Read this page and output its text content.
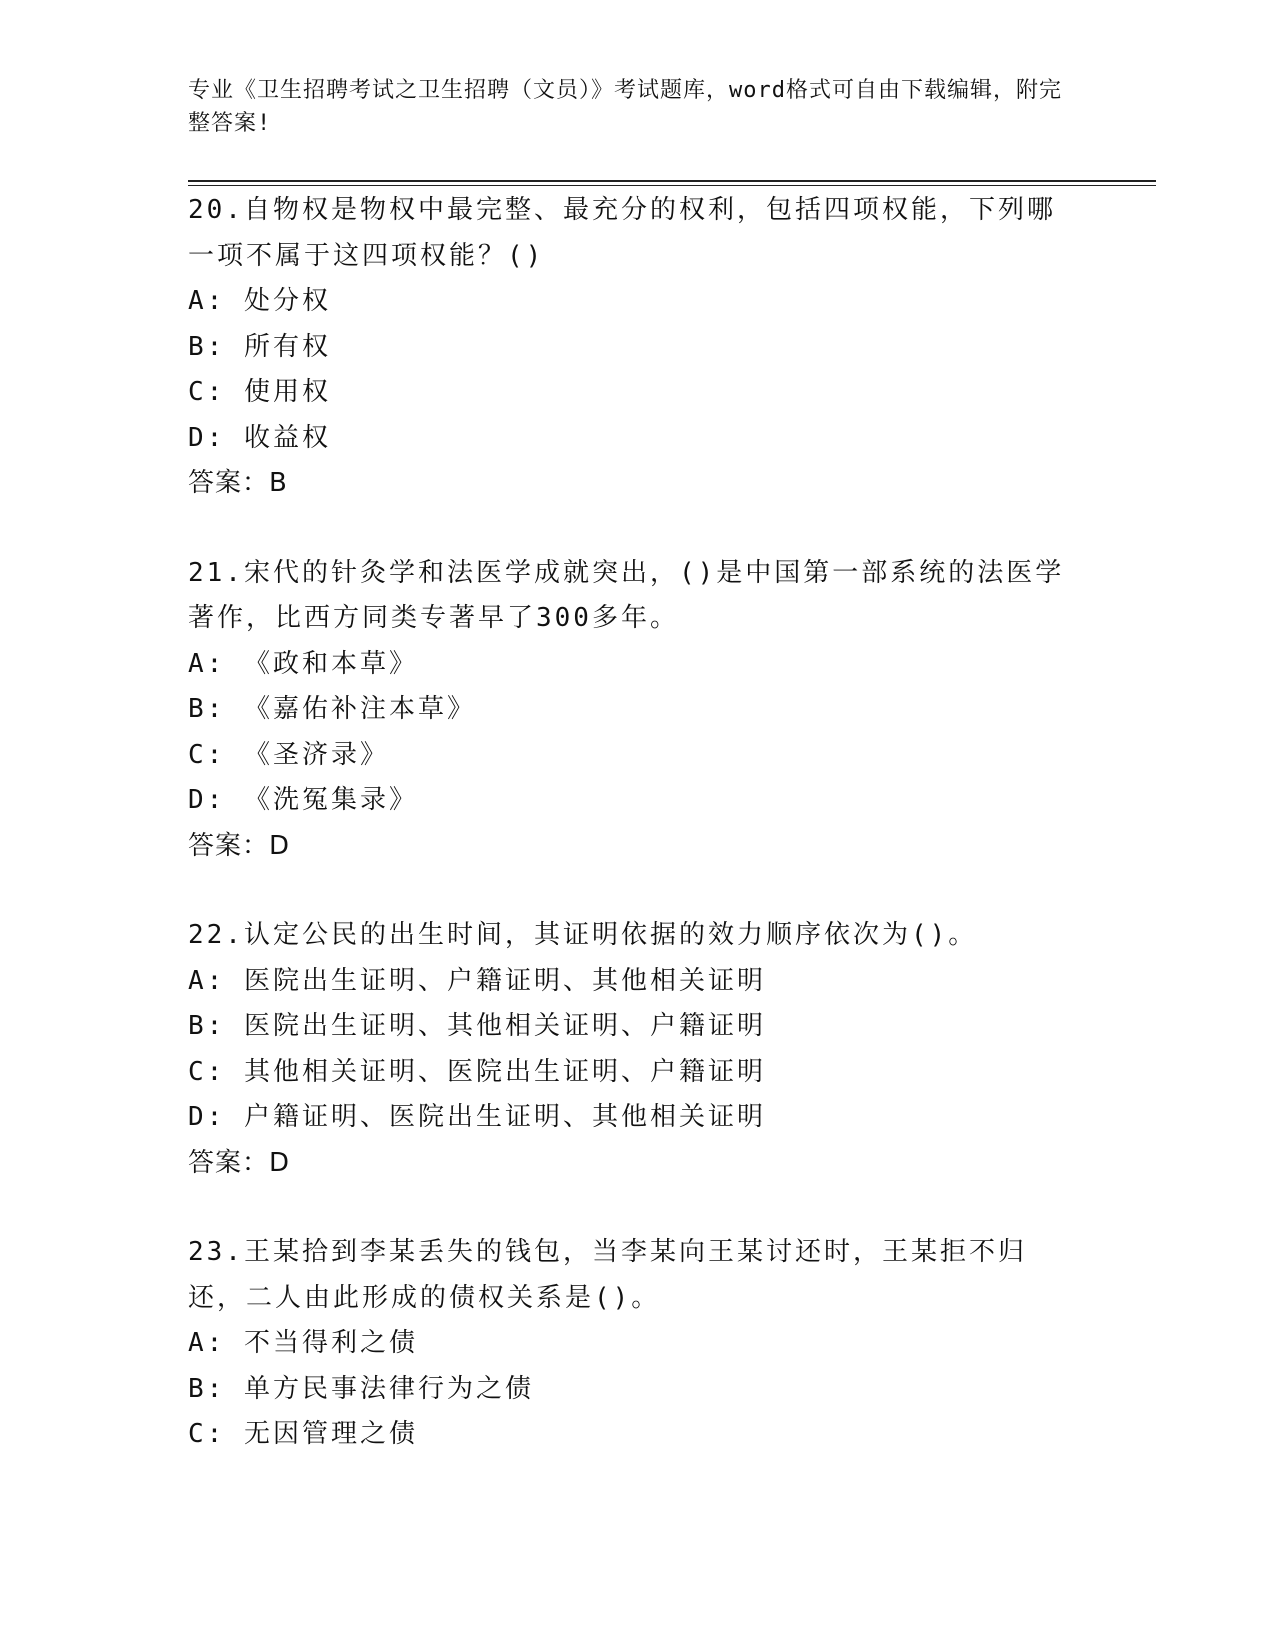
专业《卫生招聘考试之卫生招聘（文员）》考试题库，word格式可自由下载编辑，附完整答案!

20.自物权是物权中最完整、最充分的权利，包括四项权能，下列哪一项不属于这四项权能？()

A: 处分权

B: 所有权

C: 使用权

D: 收益权

答案：B

21.宋代的针灸学和法医学成就突出，()是中国第一部系统的法医学著作，比西方同类专著早了300多年。

A: 《政和本草》

B: 《嘉佑补注本草》

C: 《圣济录》

D: 《洗冤集录》

答案：D

22.认定公民的出生时间，其证明依据的效力顺序依次为()。

A: 医院出生证明、户籍证明、其他相关证明

B: 医院出生证明、其他相关证明、户籍证明

C: 其他相关证明、医院出生证明、户籍证明

D: 户籍证明、医院出生证明、其他相关证明

答案：D

23.王某拾到李某丢失的钱包，当李某向王某讨还时，王某拒不归还，二人由此形成的债权关系是()。

A: 不当得利之债

B: 单方民事法律行为之债

C: 无因管理之债
